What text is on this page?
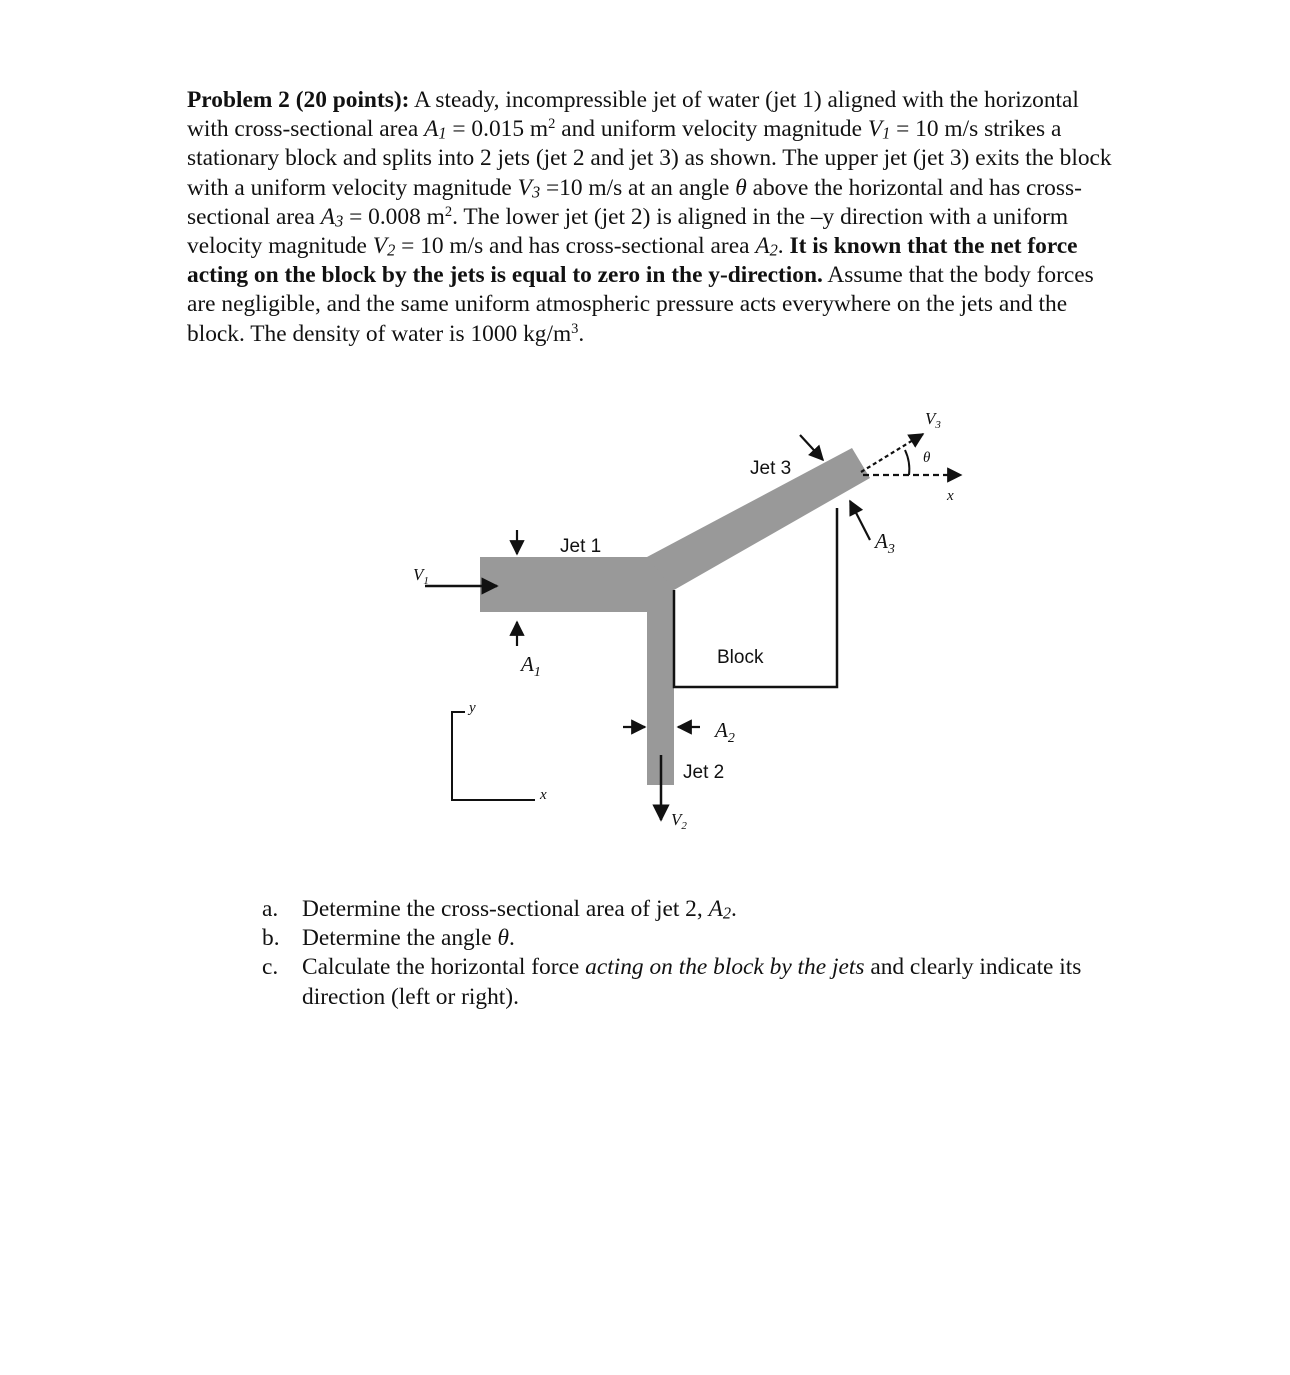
Problem 2 (20 points): A steady, incompressible jet of water (jet 1) aligned with the horizontal with cross-sectional area $A_1 = 0.015$ $m^2$ and uniform velocity magnitude $V_1 = 10$ m/s strikes a stationary block and splits into 2 jets (jet 2 and jet 3) as shown. The upper jet (jet 3) exits the block with a uniform velocity magnitude $V_3 =10$ m/s at an angle θ above the horizontal and has cross-sectional area $A_3 = 0.008$ $m^2$. The lower jet (jet 2) is aligned in the –y direction with a uniform velocity magnitude $V_2 = 10$ m/s and has cross-sectional area $A_2$. It is known that the net force acting on the block by the jets is equal to zero in the y-direction. Assume that the body forces are negligible, and the same uniform atmospheric pressure acts everywhere on the jets and the block. The density of water is 1000 $kg/m^3$.

Jet 1
Jet 3
Jet 2
Block
$V_1$
$A_1$
$A_2$
$V_2$
$A_3$
$V_3$
θ
x
y
x
a. Determine the cross-sectional area of jet 2, $A_2$.
b. Determine the angle θ.
c. Calculate the horizontal force acting on the block by the jets and clearly indicate its direction (left or right).
